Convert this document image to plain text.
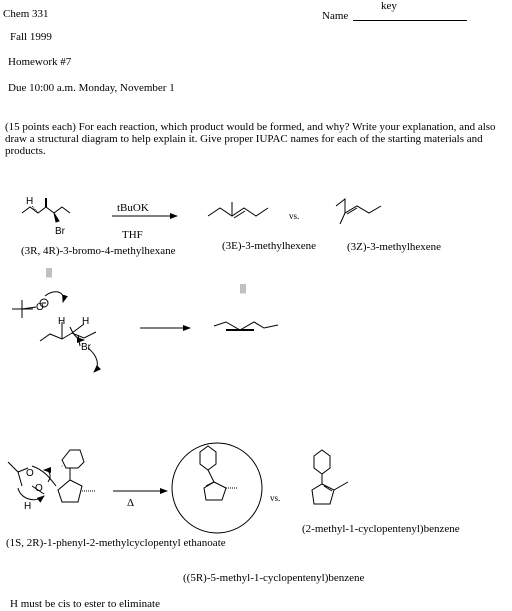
Chem 331	Name
key
Fall 1999
Homework #7
Due 10:00 a.m. Monday, November 1
(15 points each) For each reaction, which product would be formed, and why? Write your explanation, and also draw a structural diagram to help explain it. Give proper IUPAC names for each of the starting materials and products.
tBuOK
THF
vs.
(3R, 4R)-3-bromo-4-methylhexane	(3E)-3-methylhexene	(3Z)-3-methylhexene
|||
|||
Δ	vs.
(2-methyl-1-cyclopentenyl)benzene
(1S, 2R)-1-phenyl-2-methylcyclopentyl ethanoate
((5R)-5-methyl-1-cyclopentenyl)benzene
H must be cis to ester to eliminate
H
Br
O
H H
Br
O
O
H
